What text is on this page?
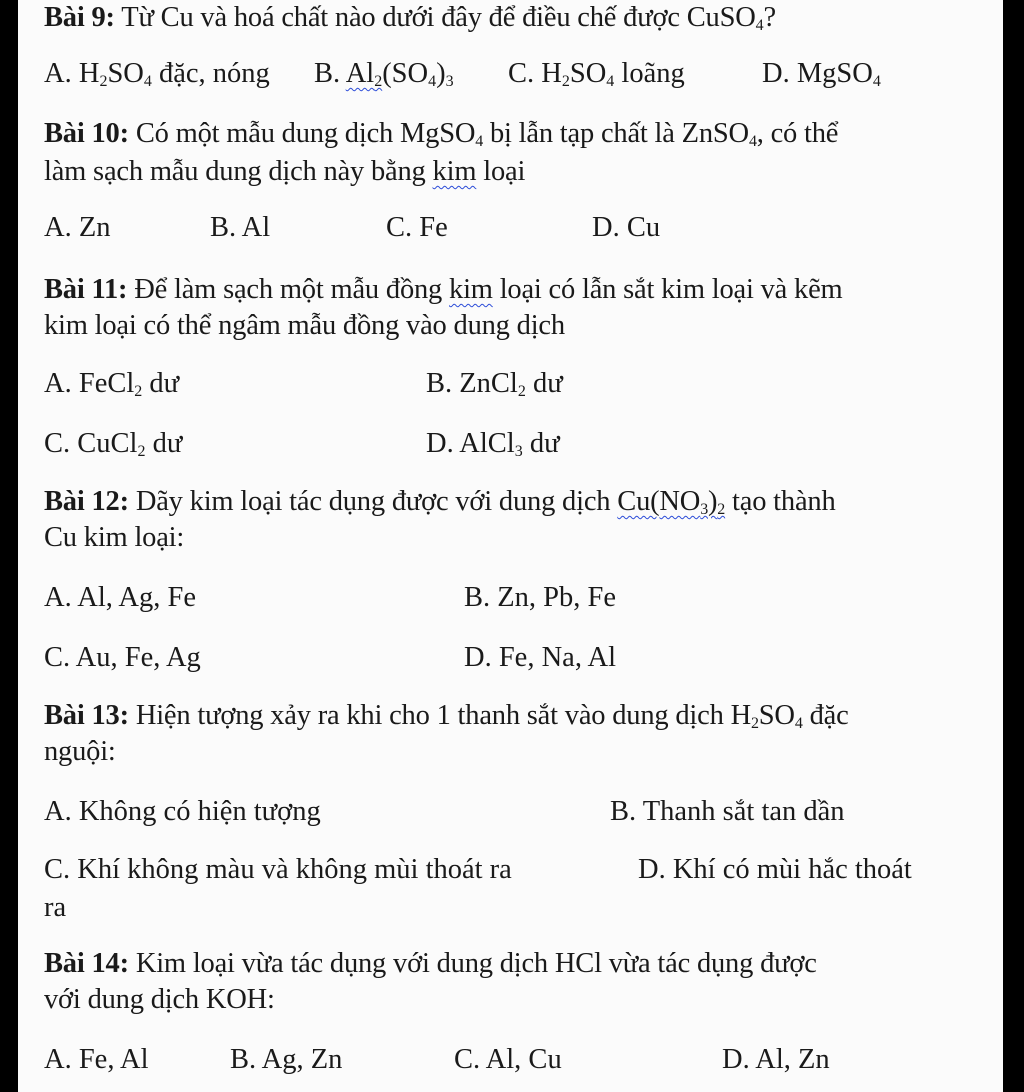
Bài 9: Từ Cu và hoá chất nào dưới đây để điều chế được CuSO$_4$?
A. $H_2SO_4$ đặc, nóng B. $Al_2(SO_4)_3$ C. $H_2SO_4$ loãng	D. MgSO$_4$
Bài 10: Có một mẫu dung dịch MgSO$_4$ bị lẫn tạp chất là ZnSO$_4$, có thể
làm sạch mẫu dung dịch này bằng kim loại
A. Zn	B. Al	C. Fe	D. Cu
Bài 11: Để làm sạch một mẫu đồng kim loại có lẫn sắt kim loại và kẽm
kim loại có thể ngâm mẫu đồng vào dung dịch
A. FeCl$_2$ dư	B. ZnCl$_2$ dư
C. CuCl$_2$ dư	D. AlCl$_3$ dư
Bài 12: Dãy kim loại tác dụng được với dung dịch $Cu(NO_3)_2$ tạo thành
Cu kim loại:
A. Al, Ag, Fe	B. Zn, Pb, Fe
C. Au, Fe, Ag	D. Fe, Na, Al
Bài 13: Hiện tượng xảy ra khi cho 1 thanh sắt vào dung dịch $H_2SO_4$ đặc
nguội:
A. Không có hiện tượng	B. Thanh sắt tan dần
C. Khí không màu và không mùi thoát ra	D. Khí có mùi hắc thoát
ra
Bài 14: Kim loại vừa tác dụng với dung dịch HCl vừa tác dụng được
với dung dịch KOH:
A. Fe, Al	B. Ag, Zn	C. Al, Cu	D. Al, Zn
